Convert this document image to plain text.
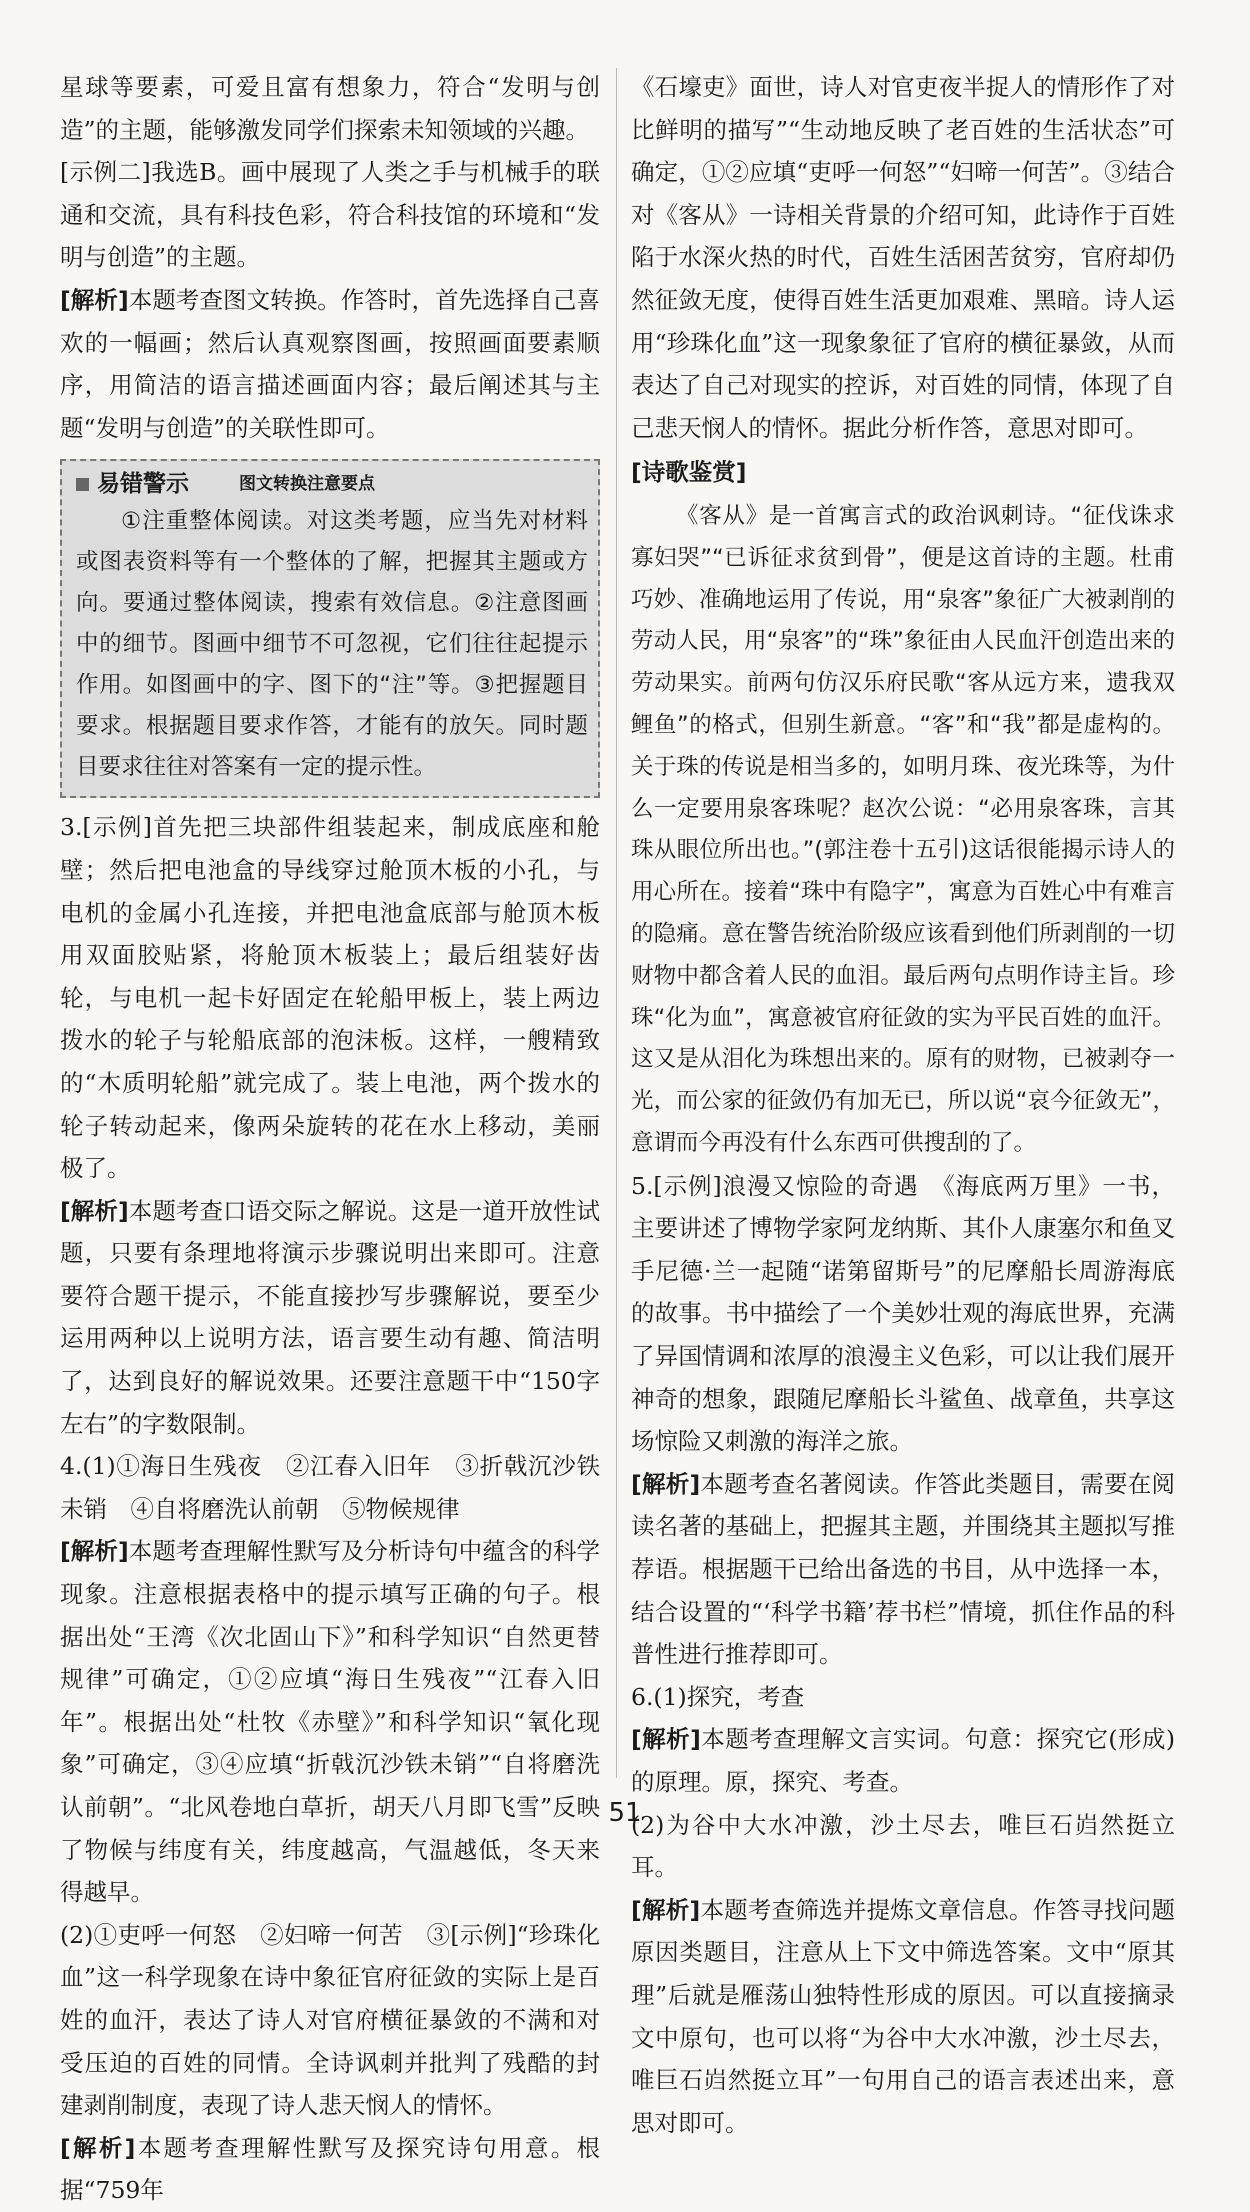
星球等要素，可爱且富有想象力，符合“发明与创造”的主题，能够激发同学们探索未知领域的兴趣。

[示例二]我选B。画中展现了人类之手与机械手的联通和交流，具有科技色彩，符合科技馆的环境和“发明与创造”的主题。

[解析]本题考查图文转换。作答时，首先选择自己喜欢的一幅画；然后认真观察图画，按照画面要素顺序，用简洁的语言描述画面内容；最后阐述其与主题“发明与创造”的关联性即可。

易错警示	图文转换注意要点

①注重整体阅读。对这类考题，应当先对材料或图表资料等有一个整体的了解，把握其主题或方向。要通过整体阅读，搜索有效信息。②注意图画中的细节。图画中细节不可忽视，它们往往起提示作用。如图画中的字、图下的“注”等。③把握题目要求。根据题目要求作答，才能有的放矢。同时题目要求往往对答案有一定的提示性。

3.[示例]首先把三块部件组装起来，制成底座和舱壁；然后把电池盒的导线穿过舱顶木板的小孔，与电机的金属小孔连接，并把电池盒底部与舱顶木板用双面胶贴紧，将舱顶木板装上；最后组装好齿轮，与电机一起卡好固定在轮船甲板上，装上两边拨水的轮子与轮船底部的泡沫板。这样，一艘精致的“木质明轮船”就完成了。装上电池，两个拨水的轮子转动起来，像两朵旋转的花在水上移动，美丽极了。

[解析]本题考查口语交际之解说。这是一道开放性试题，只要有条理地将演示步骤说明出来即可。注意要符合题干提示，不能直接抄写步骤解说，要至少运用两种以上说明方法，语言要生动有趣、简洁明了，达到良好的解说效果。还要注意题干中“150字左右”的字数限制。

4.(1)①海日生残夜　②江春入旧年　③折戟沉沙铁未销　④自将磨洗认前朝　⑤物候规律

[解析]本题考查理解性默写及分析诗句中蕴含的科学现象。注意根据表格中的提示填写正确的句子。根据出处“王湾《次北固山下》”和科学知识“自然更替规律”可确定，①②应填“海日生残夜”“江春入旧年”。根据出处“杜牧《赤壁》”和科学知识“氧化现象”可确定，③④应填“折戟沉沙铁未销”“自将磨洗认前朝”。“北风卷地白草折，胡天八月即飞雪”反映了物候与纬度有关，纬度越高，气温越低，冬天来得越早。

(2)①吏呼一何怒　②妇啼一何苦　③[示例]“珍珠化血”这一科学现象在诗中象征官府征敛的实际上是百姓的血汗，表达了诗人对官府横征暴敛的不满和对受压迫的百姓的同情。全诗讽刺并批判了残酷的封建剥削制度，表现了诗人悲天悯人的情怀。

[解析]本题考查理解性默写及探究诗句用意。根据“759年

《石壕吏》面世，诗人对官吏夜半捉人的情形作了对比鲜明的描写”“生动地反映了老百姓的生活状态”可确定，①②应填“吏呼一何怒”“妇啼一何苦”。③结合对《客从》一诗相关背景的介绍可知，此诗作于百姓陷于水深火热的时代，百姓生活困苦贫穷，官府却仍然征敛无度，使得百姓生活更加艰难、黑暗。诗人运用“珍珠化血”这一现象象征了官府的横征暴敛，从而表达了自己对现实的控诉，对百姓的同情，体现了自己悲天悯人的情怀。据此分析作答，意思对即可。

[诗歌鉴赏]

《客从》是一首寓言式的政治讽刺诗。“征伐诛求寡妇哭”“已诉征求贫到骨”，便是这首诗的主题。杜甫巧妙、准确地运用了传说，用“泉客”象征广大被剥削的劳动人民，用“泉客”的“珠”象征由人民血汗创造出来的劳动果实。前两句仿汉乐府民歌“客从远方来，遗我双鲤鱼”的格式，但别生新意。“客”和“我”都是虚构的。关于珠的传说是相当多的，如明月珠、夜光珠等，为什么一定要用泉客珠呢？赵次公说：“必用泉客珠，言其珠从眼位所出也。”(郭注卷十五引)这话很能揭示诗人的用心所在。接着“珠中有隐字”，寓意为百姓心中有难言的隐痛。意在警告统治阶级应该看到他们所剥削的一切财物中都含着人民的血泪。最后两句点明作诗主旨。珍珠“化为血”，寓意被官府征敛的实为平民百姓的血汗。这又是从泪化为珠想出来的。原有的财物，已被剥夺一光，而公家的征敛仍有加无已，所以说“哀今征敛无”，意谓而今再没有什么东西可供搜刮的了。

5.[示例]浪漫又惊险的奇遇　《海底两万里》一书，主要讲述了博物学家阿龙纳斯、其仆人康塞尔和鱼叉手尼德·兰一起随“诺第留斯号”的尼摩船长周游海底的故事。书中描绘了一个美妙壮观的海底世界，充满了异国情调和浓厚的浪漫主义色彩，可以让我们展开神奇的想象，跟随尼摩船长斗鲨鱼、战章鱼，共享这场惊险又刺激的海洋之旅。

[解析]本题考查名著阅读。作答此类题目，需要在阅读名著的基础上，把握其主题，并围绕其主题拟写推荐语。根据题干已给出备选的书目，从中选择一本，结合设置的“‘科学书籍’荐书栏”情境，抓住作品的科普性进行推荐即可。

6.(1)探究，考查

[解析]本题考查理解文言实词。句意：探究它(形成)的原理。原，探究、考查。

(2)为谷中大水冲激，沙土尽去，唯巨石岿然挺立耳。

[解析]本题考查筛选并提炼文章信息。作答寻找问题原因类题目，注意从上下文中筛选答案。文中“原其理”后就是雁荡山独特性形成的原因。可以直接摘录文中原句，也可以将“为谷中大水冲激，沙土尽去，唯巨石岿然挺立耳”一句用自己的语言表述出来，意思对即可。

51
